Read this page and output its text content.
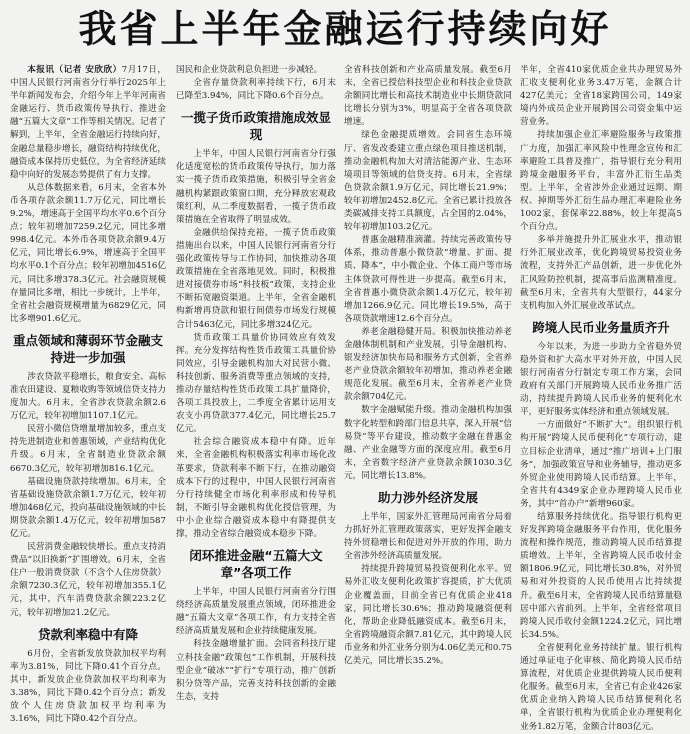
我省上半年金融运行持续向好

本报讯（记者 安欣欣）7月17日，中国人民银行河南省分行举行2025年上半年新闻发布会，介绍今年上半年河南省金融运行、货币政策传导执行、推进金融“五篇大文章”工作等相关情况。记者了解到，上半年，全省金融运行持续向好，金融总量稳步增长，融资结构持续优化，融资成本保持历史低位，为全省经济延续稳中向好的发展态势提供了有力支撑。

从总体数据来看，6月末，全省本外币各项存款余额11.7万亿元，同比增长9.2%，增速高于全国平均水平0.6个百分点；较年初增加7259.2亿元，同比多增998.4亿元。本外币各项贷款余额9.4万亿元，同比增长6.9%，增速高于全国平均水平0.1个百分点；较年初增加4516亿元，同比多增378.3亿元。社会融资规模存量同比多增，相比一步统计，上半年，全省社会融资规模增量为6829亿元，同比多增901.6亿元。

重点领域和薄弱环节金融支持进一步加强

涉农贷款平稳增长，粮食安全、高标准农田建设、夏粮收购等领域信贷支持力度加大。6月末，全省涉农贷款余额2.6万亿元，较年初增加1107.1亿元。

民营小微信贷增量增加较多，重点支持先进制造业和普惠领域，产业结构优化升级。6月末，全省制造业贷款余额6670.3亿元，较年初增加816.1亿元。

基础设施贷款持续增加。6月末，全省基础设施贷款余额1.7万亿元，较年初增加468亿元，投向基础设施领域的中长期贷款余额1.4万亿元，较年初增加587亿元。

民营消费金融较快增长。重点支持消费品“以旧换新”扩围增效。6月末，全省住户一般消费贷款（不含个人住房贷款）余额7230.3亿元，较年初增加355.1亿元，其中，汽车消费贷款余额223.2亿元，较年初增加21.2亿元。

贷款利率稳中有降

6月份，全省新发放贷款加权平均利率为3.81%，同比下降0.41个百分点。其中，新发放企业贷款加权平均利率为3.38%，同比下降0.42个百分点；新发放个人住房贷款加权平均利率为3.16%，同比下降0.42个百分点。

国民和企业贷款利息负担进一步减轻。

全省存量贷款利率持续下行，6月末已降至3.94%，同比下降0.6个百分点。

一揽子货币政策措施成效显现

上半年，中国人民银行河南省分行强化适度宽松的货币政策传导执行，加力落实一揽子货币政策措施，积极引导全省金融机构紧跟政策窗口期，充分释放宏观政策红利，从二季度数据看，一揽子货币政策措施在全省取得了明显成效。

金融供给保持充裕，一揽子货币政策措施出台以来，中国人民银行河南省分行强化政策传导与工作协同，加快推动各项政策措施在全省落地见效。同时，积极推进对接债券市场“科技板”政策，支持企业不断拓宽融资渠道。上半年，全省金融机构新增再贷款和银行间债券市场发行规模合计5463亿元，同比多增324亿元。

货币政策工具量价协同效应有效发挥。充分发挥结构性货币政策工具量价协同效应，引导金融机构加大对民营小微、科技创新、服务消费等重点领域的支持，推动存量结构性货币政策工具扩量降价，各项工具投放上，二季度全省累计运用支农支小再贷款377.4亿元，同比增长25.7亿元。

社会综合融资成本稳中有降。近年来，全省金融机构积极落实利率市场化改革要求，贷款利率不断下行，在推动融资成本下行的过程中，中国人民银行河南省分行持续健全市场化利率形成和传导机制，不断引导金融机构优化授信管理，为中小企业综合融资成本稳中有降提供支撑，推动全省综合融资成本稳步下降。

闭环推进金融“五篇大文章”各项工作

上半年，中国人民银行河南省分行围绕经济高质量发展重点领域，闭环推进金融“五篇大文章”各项工作，有力支持全省经济高质量发展和企业持续健康发展。

科技金融增量扩面。会同省科技厅建立科技金融“政策包”工作机制，开展科技型企业“破冰”“扩行”专项行动，推广创新积分贷等产品，完善支持科技创新的金融生态，支持

全省科技创新和产业高质量发展。截至6月末，全省已授信科技型企业和科技企业贷款余额同比增长和高技术制造业中长期贷款同比增长分别为3%，明显高于全省各项贷款增速。

绿色金融提质增效。会同省生态环境厅、省发改委建立重点绿色项目推送机制，推动金融机构加大对清洁能源产业、生态环境项目等领域的信贷支持。6月末，全省绿色贷款余额1.9万亿元，同比增长21.9%；较年初增加2452.8亿元。全省已累计投放各类碳减排支持工具额度，占全国的2.04%，较年初增加103.2亿元。

普惠金融精准滴灌。持续完善政策传导体系，推动普惠小微贷款“增量、扩面、提质、降本”，中小微企业、个体工商户等市场主体贷款可得性进一步提高。截至6月末，全省普惠小微贷款余额1.4万亿元，较年初增加1266.9亿元。同比增长19.5%，高于各项贷款增速12.6个百分点。

养老金融稳健开局。积极加快推动养老金融体制机制和产业发展，引导金融机构、银发经济加快布局和服务方式创新，全省养老产业贷款余额较年初增加，推动养老金融规范化发展。截至6月末，全省养老产业贷款余额704亿元。

数字金融赋能升级。推动金融机构加强数字化转型和跨部门信息共享，深入开展“信易贷”等平台建设，推动数字金融在普惠金融、产业金融等方面的深度应用。截至6月末，全省数字经济产业贷款余额1030.3亿元，同比增长13.8%。

助力涉外经济发展

上半年，国家外汇管理局河南省分局着力抓好外汇管理政策落实，更好发挥金融支持外贸稳增长和促进对外开放的作用，助力全省涉外经济高质量发展。

持续提升跨境贸易投资便利化水平。贸易外汇收支便利化政策扩容提质，扩大优质企业覆盖面，目前全省已有优质企业418家，同比增长30.6%；推动跨境融资便利化，帮助企业降低融资成本。截至6月末，全省跨境融资余额7.81亿元，其中跨境人民币业务和外汇业务分别为4.06亿美元和0.75亿美元，同比增长35.2%。

半年，全省410家优质企业共办理贸易外汇收支便利化业务3.47万笔，金额合计427亿美元；全省18家跨国公司，149家境内外成员企业开展跨国公司资金集中运营业务。

持续加强企业汇率避险服务与政策推广力度，加强汇率风险中性理念宣传和汇率避险工具普及推广，指导银行充分利用跨境金融服务平台，丰富外汇衍生品类型。上半年，全省涉外企业通过远期、期权、掉期等外汇衍生品办理汇率避险业务1002家，套保率22.88%，较上年提高5个百分点。

多举并施提升外汇展业水平，推动银行外汇展业改革，优化跨境贸易投资业务流程，支持外汇产品创新，进一步优化外汇风险防控机制，提高事后监测精准度。截至6月末，全省共有大型银行，44家分支机构加入外汇展业改革试点。

跨境人民币业务量质齐升

今年以来，为进一步助力全省稳外贸稳外资和扩大高水平对外开放，中国人民银行河南省分行制定专项工作方案，会同政府有关部门开展跨境人民币业务推广活动，持续提升跨境人民币业务的便利化水平，更好服务实体经济和重点领域发展。

一方面做好“不断扩大”。组织银行机构开展“跨境人民币便利化”专项行动，建立目标企业清单，通过“推广培训+上门服务”，加强政策宣导和业务辅导，推动更多外贸企业使用跨境人民币结算。上半年，全省共有4349家企业办理跨境人民币业务，其中“首办户”新增960家。

结算服务持续优化。指导银行机构更好发挥跨境金融服务平台作用，优化服务流程和操作规范，推动跨境人民币结算提质增效。上半年，全省跨境人民币收付金额1806.9亿元，同比增长30.8%，对外贸易和对外投资的人民币使用占比持续提升。截至6月末，全省跨境人民币结算量稳居中部六省前列。上半年，全省经常项目跨境人民币收付金额1224.2亿元，同比增长34.5%。

全省便利化业务持续扩量。银行机构通过单证电子化审核、简化跨境人民币结算流程，对优质企业提供跨境人民币便利化服务。截至6月末，全省已有企业426家优质企业纳入跨境人民币结算便利化名单，全省银行机构为优质企业办理便利化业务1.82万笔，金额合计803亿元。
